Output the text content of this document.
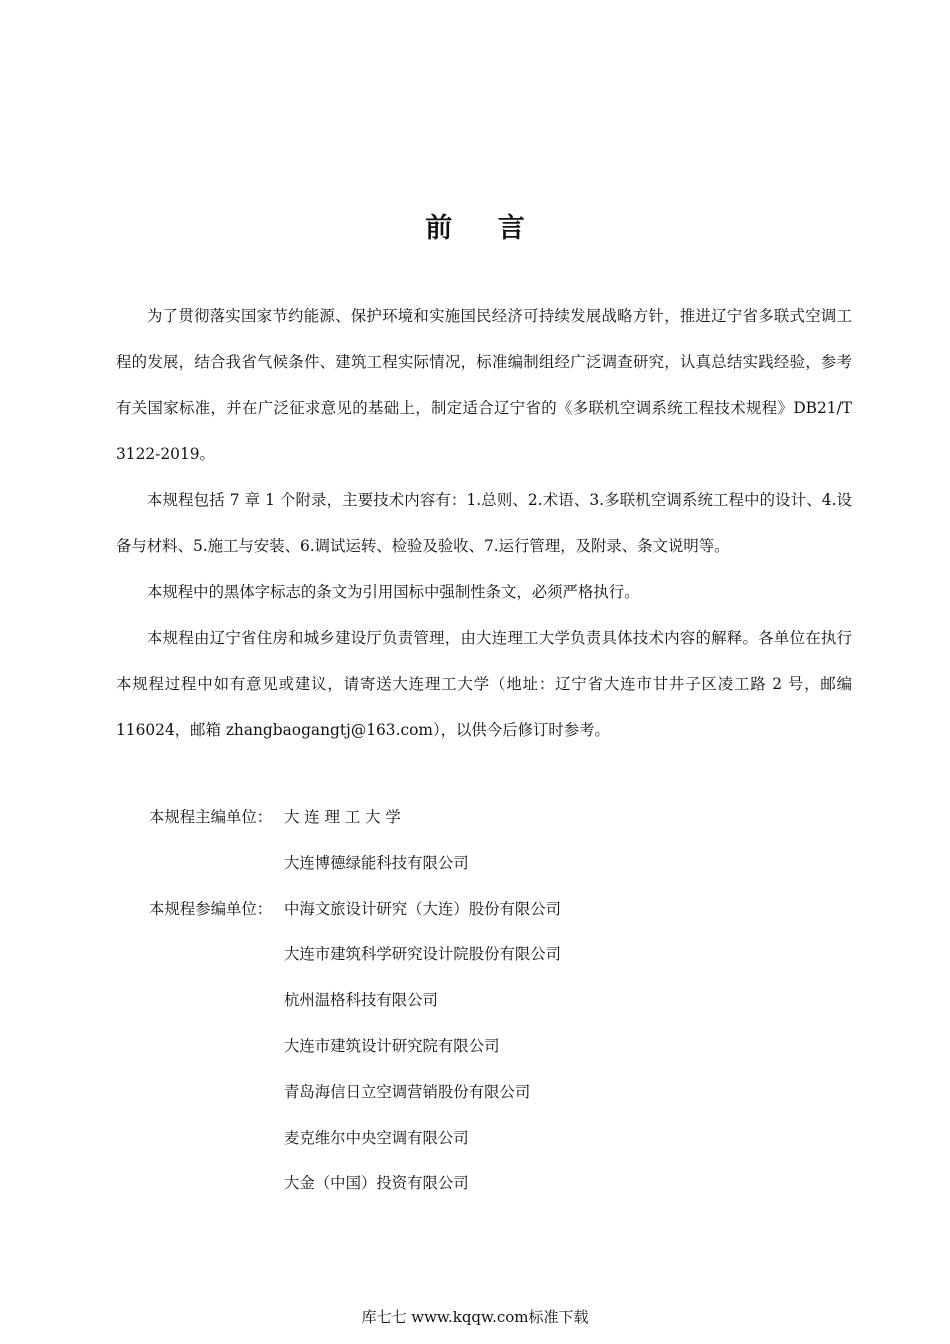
前 言

为了贯彻落实国家节约能源、保护环境和实施国民经济可持续发展战略方针，推进辽宁省多联式空调工程的发展，结合我省气候条件、建筑工程实际情况，标准编制组经广泛调查研究，认真总结实践经验，参考有关国家标准，并在广泛征求意见的基础上，制定适合辽宁省的《多联机空调系统工程技术规程》DB21/T 3122-2019。

本规程包括 7 章 1 个附录，主要技术内容有：1.总则、2.术语、3.多联机空调系统工程中的设计、4.设备与材料、5.施工与安装、6.调试运转、检验及验收、7.运行管理，及附录、条文说明等。

本规程中的黑体字标志的条文为引用国标中强制性条文，必须严格执行。

本规程由辽宁省住房和城乡建设厅负责管理，由大连理工大学负责具体技术内容的解释。各单位在执行本规程过程中如有意见或建议，请寄送大连理工大学（地址：辽宁省大连市甘井子区凌工路 2 号，邮编 116024，邮箱 zhangbaogangtj@163.com），以供今后修订时参考。

本规程主编单位： 大 连 理 工 大 学
大连博德绿能科技有限公司
本规程参编单位： 中海文旅设计研究（大连）股份有限公司
大连市建筑科学研究设计院股份有限公司
杭州温格科技有限公司
大连市建筑设计研究院有限公司
青岛海信日立空调营销股份有限公司
麦克维尔中央空调有限公司
大金（中国）投资有限公司
库七七 www.kqqw.com标准下载
